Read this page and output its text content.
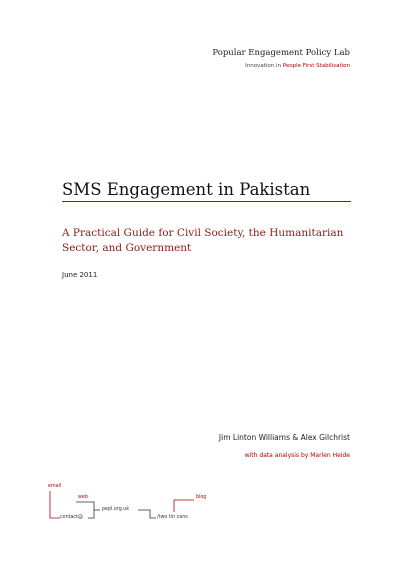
Popular Engagement Policy Lab
Innovation in People First Stabilisation
SMS Engagement in Pakistan
A Practical Guide for Civil Society, the Humanitarian Sector, and Government
June 2011
Jim Linton Williams & Alex Gilchrist
with data analysis by Marlen Heide
email
web	blog
contact@
pepl.org.uk
/two tin cans
